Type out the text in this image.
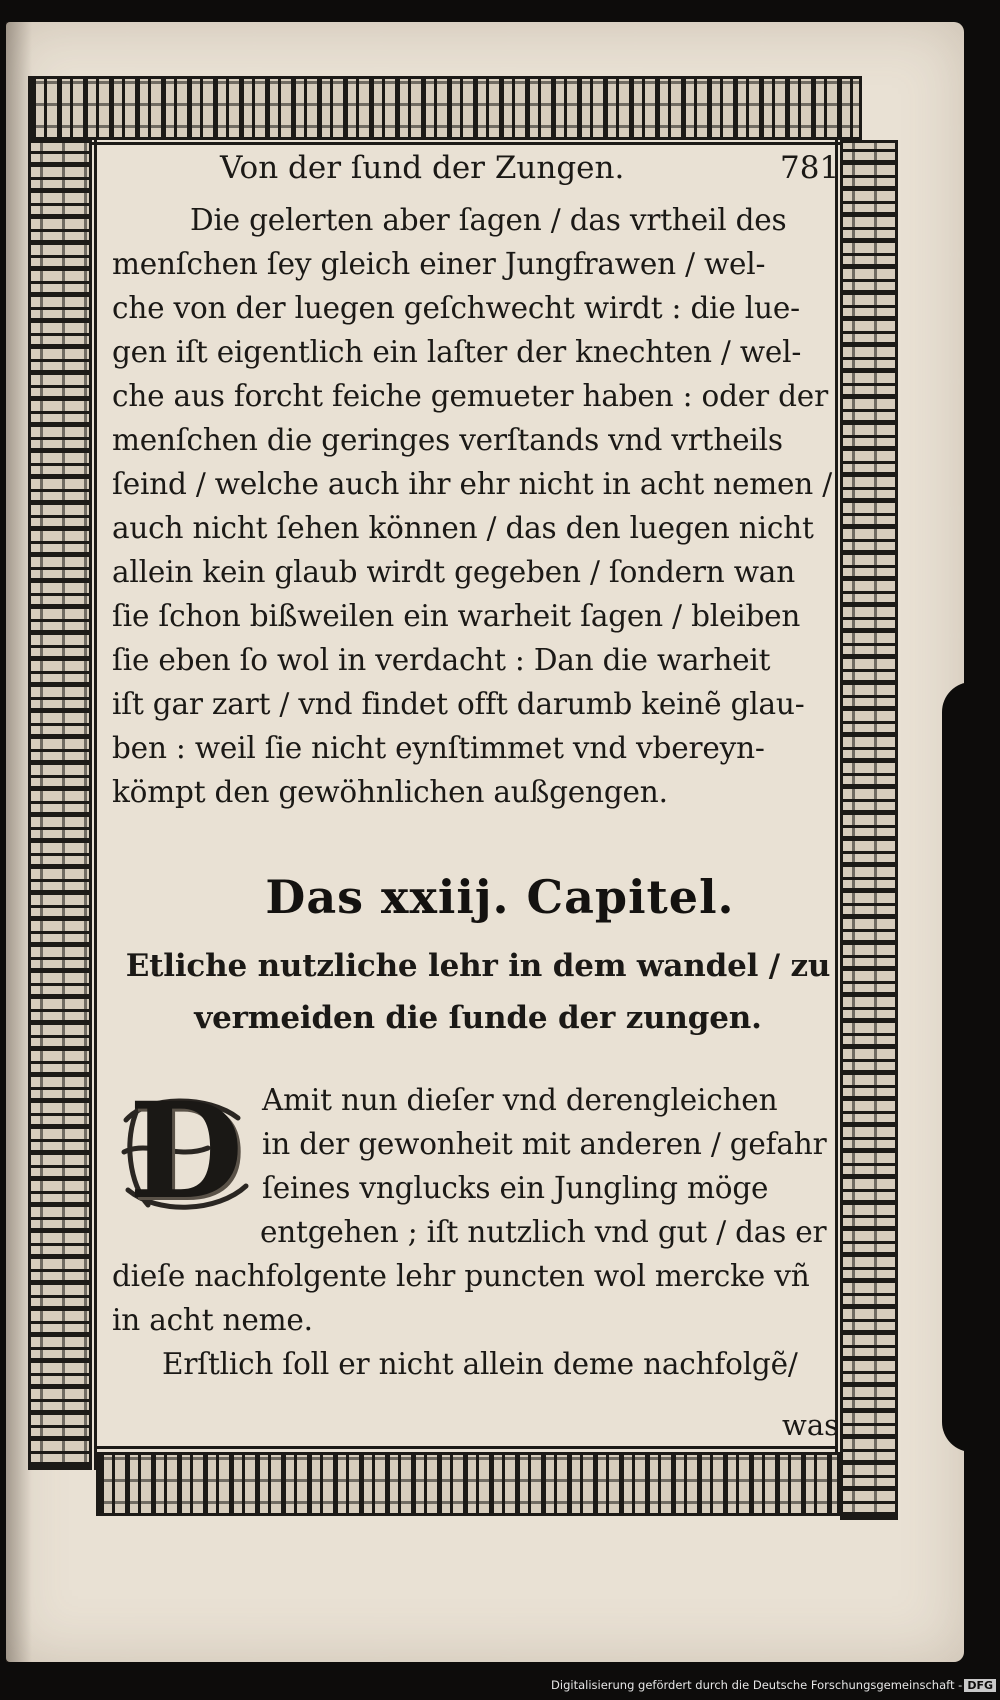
Von der ſund der Zungen.	781
Die gelerten aber ſagen / das vrtheil des
menſchen ſey gleich einer Jungfrawen / wel-
che von der luegen geſchwecht wirdt : die lue-
gen iſt eigentlich ein laſter der knechten / wel-
che aus forcht feiche gemueter haben : oder der
menſchen die geringes verſtands vnd vrtheils
ſeind / welche auch ihr ehr nicht in acht nemen /
auch nicht ſehen können / das den luegen nicht
allein kein glaub wirdt gegeben / ſondern wan
ſie ſchon bißweilen ein warheit ſagen / bleiben
ſie eben ſo wol in verdacht : Dan die warheit
iſt gar zart / vnd findet offt darumb keinẽ glau-
ben : weil ſie nicht eynſtimmet vnd vbereyn-
kömpt den gewöhnlichen außgengen.
Das xxiij. Capitel.
Etliche nutzliche lehr in dem wandel / zu
vermeiden die ſunde der zungen.
D Amit nun dieſer vnd derengleichen
in der gewonheit mit anderen / gefahr
ſeines vnglucks ein Jungling möge
entgehen ; iſt nutzlich vnd gut / das er
dieſe nachfolgente lehr puncten wol mercke vñ
in acht neme.
Erſtlich ſoll er nicht allein deme nachfolgẽ/
was
Digitalisierung gefördert durch die Deutsche Forschungsgemeinschaft - DFG
